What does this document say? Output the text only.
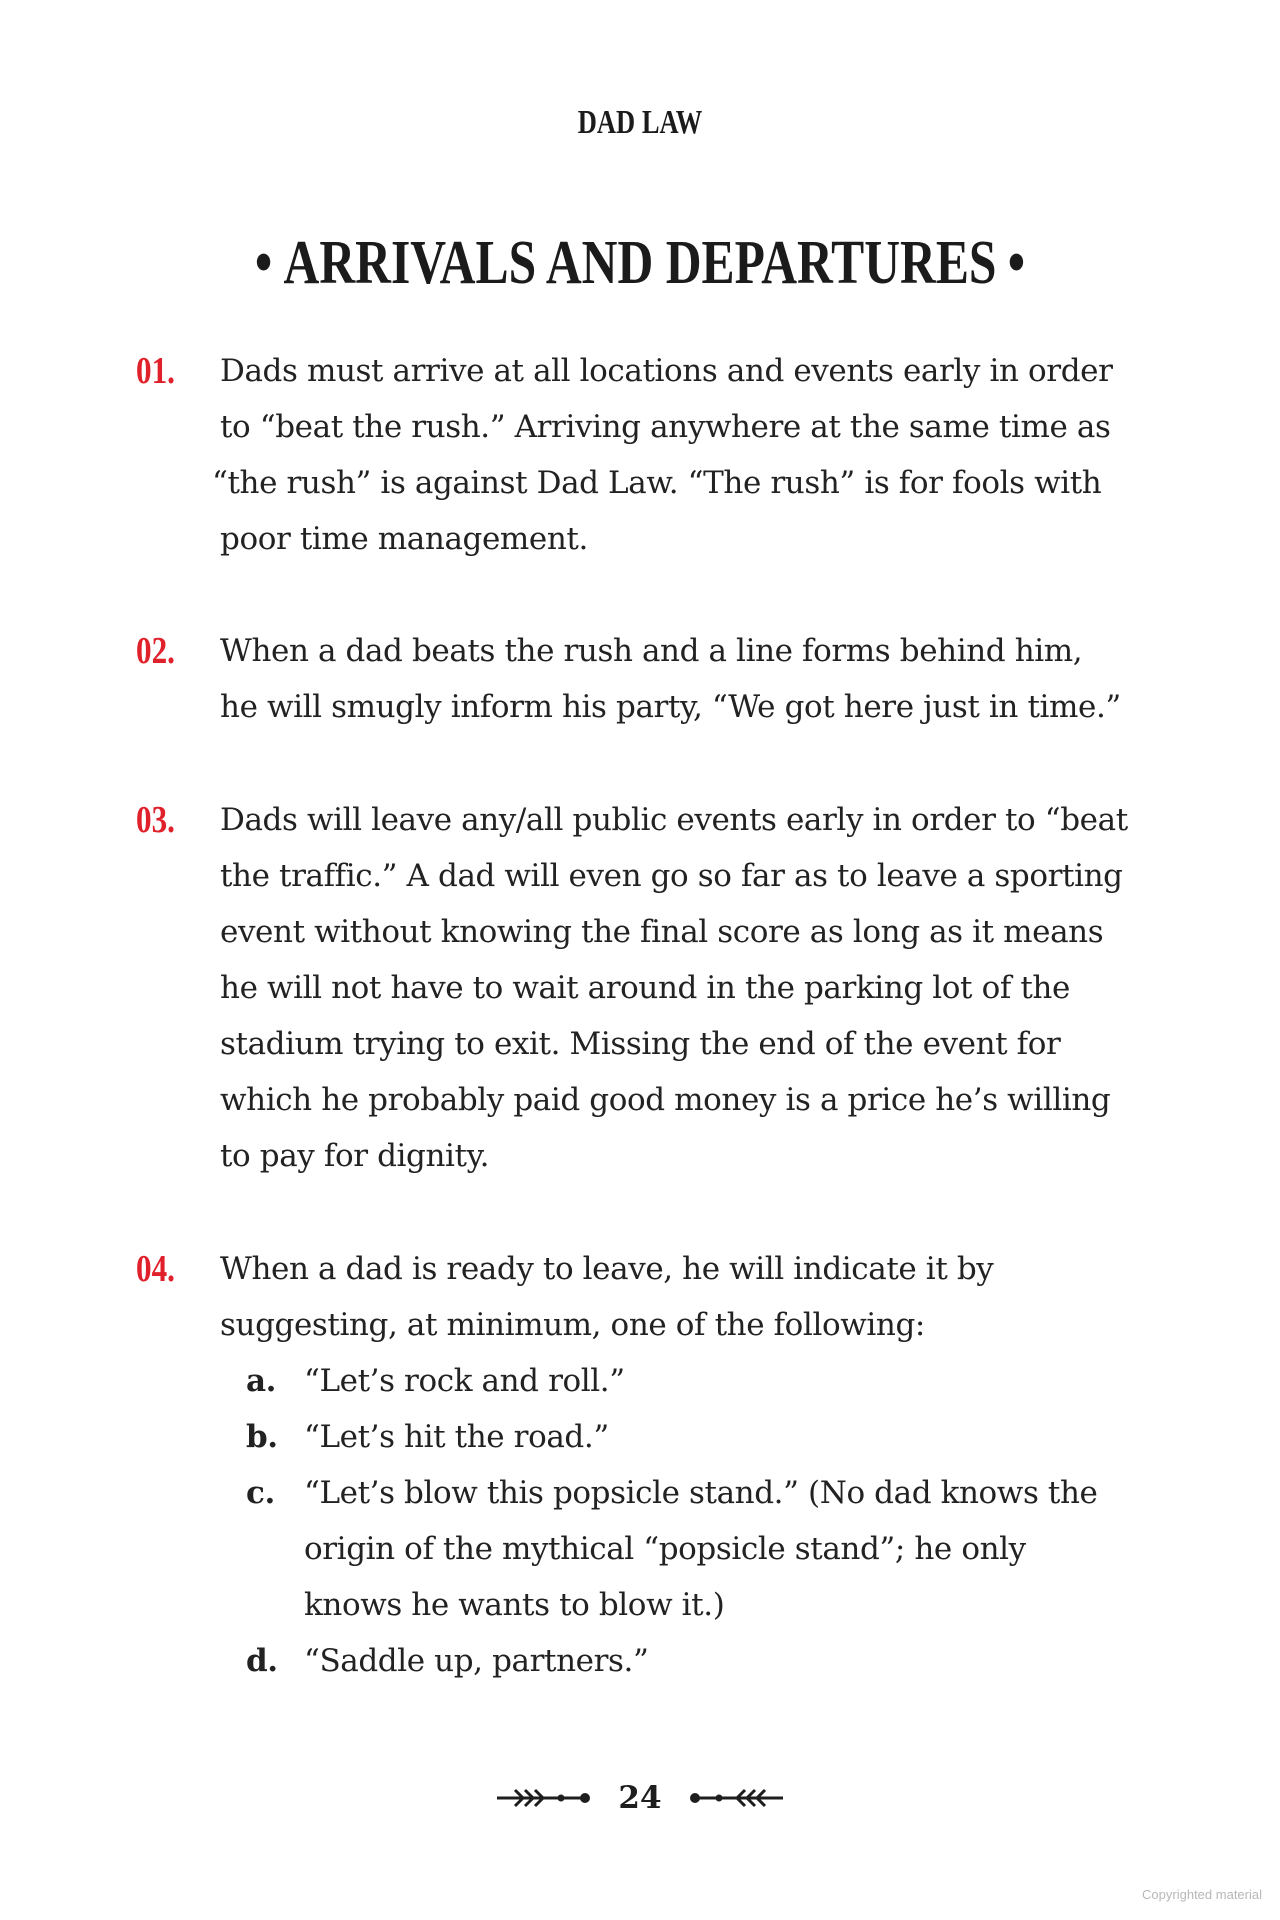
DAD LAW
• ARRIVALS AND DEPARTURES •
01. Dads must arrive at all locations and events early in order
to “beat the rush.” Arriving anywhere at the same time as
“the rush” is against Dad Law. “The rush” is for fools with
poor time management.
02. When a dad beats the rush and a line forms behind him,
he will smugly inform his party, “We got here just in time.”
03. Dads will leave any/all public events early in order to “beat
the traffic.” A dad will even go so far as to leave a sporting
event without knowing the final score as long as it means
he will not have to wait around in the parking lot of the
stadium trying to exit. Missing the end of the event for
which he probably paid good money is a price he’s willing
to pay for dignity.
04. When a dad is ready to leave, he will indicate it by
suggesting, at minimum, one of the following:
a. “Let’s rock and roll.”
b. “Let’s hit the road.”
c. “Let’s blow this popsicle stand.” (No dad knows the
origin of the mythical “popsicle stand”; he only
knows he wants to blow it.)
d. “Saddle up, partners.”
24
Copyrighted material
